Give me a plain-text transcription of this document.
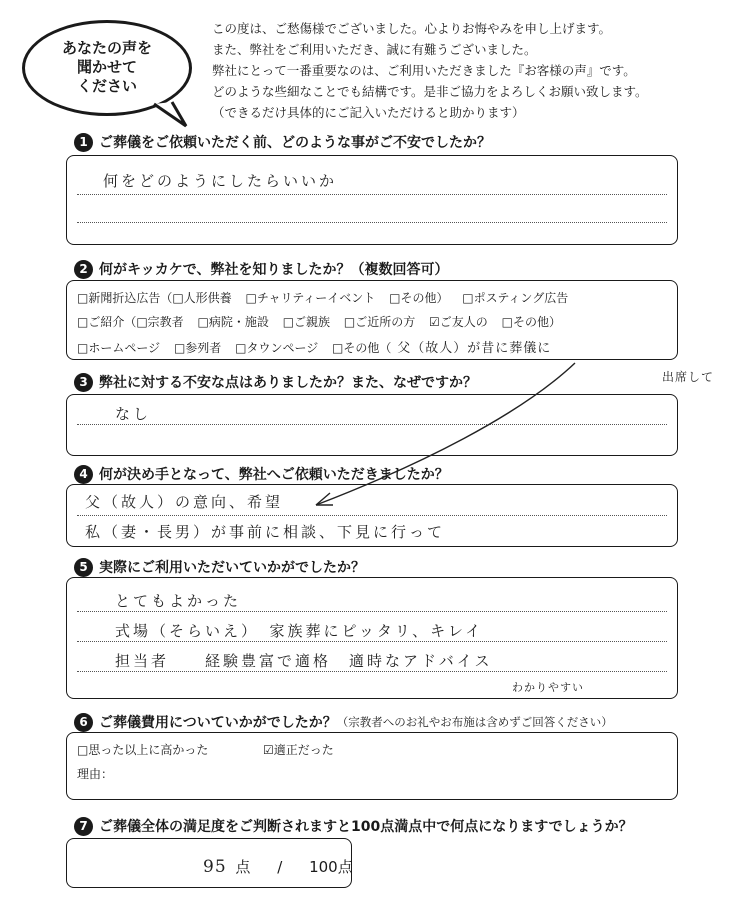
あなたの声を
聞かせて
ください
この度は、ご愁傷様でございました。心よりお悔やみを申し上げます。
また、弊社をご利用いただき、誠に有難うございました。
弊社にとって一番重要なのは、ご利用いただきました『お客様の声』です。
どのような些細なことでも結構です。是非ご協力をよろしくお願い致します。
（できるだけ具体的にご記入いただけると助かります）
1 ご葬儀をご依頼いただく前、どのような事がご不安でしたか？
何をどのようにしたらいいか
2 何がキッカケで、弊社を知りましたか？（複数回答可）
□新聞折込広告（□人形供養 □チャリティーイベント □その他） □ポスティング広告
□ご紹介（□宗教者 □病院・施設 □ご親族 □ご近所の方 ☑ご友人の □その他）
□ホームページ □参列者 □タウンページ □その他（ 父（故人）が昔に葬儀に
出席して
3 弊社に対する不安な点はありましたか？また、なぜですか？
なし
4 何が決め手となって、弊社へご依頼いただきましたか？
父（故人）の意向、希望
私（妻・長男）が事前に相談、下見に行って
5 実際にご利用いただいていかがでしたか？
とてもよかった
式場（そらいえ）　家族葬にピッタリ、キレイ
担当者　　経験豊富で適格　適時なアドバイス
わかりやすい
6 ご葬儀費用についていかがでしたか？ （宗教者へのお礼やお布施は含めずご回答ください）
□思った以上に高かった	☑適正だった
理由：
7 ご葬儀全体の満足度をご判断されますと100点満点中で何点になりますでしょうか？
95 点 / 100点
